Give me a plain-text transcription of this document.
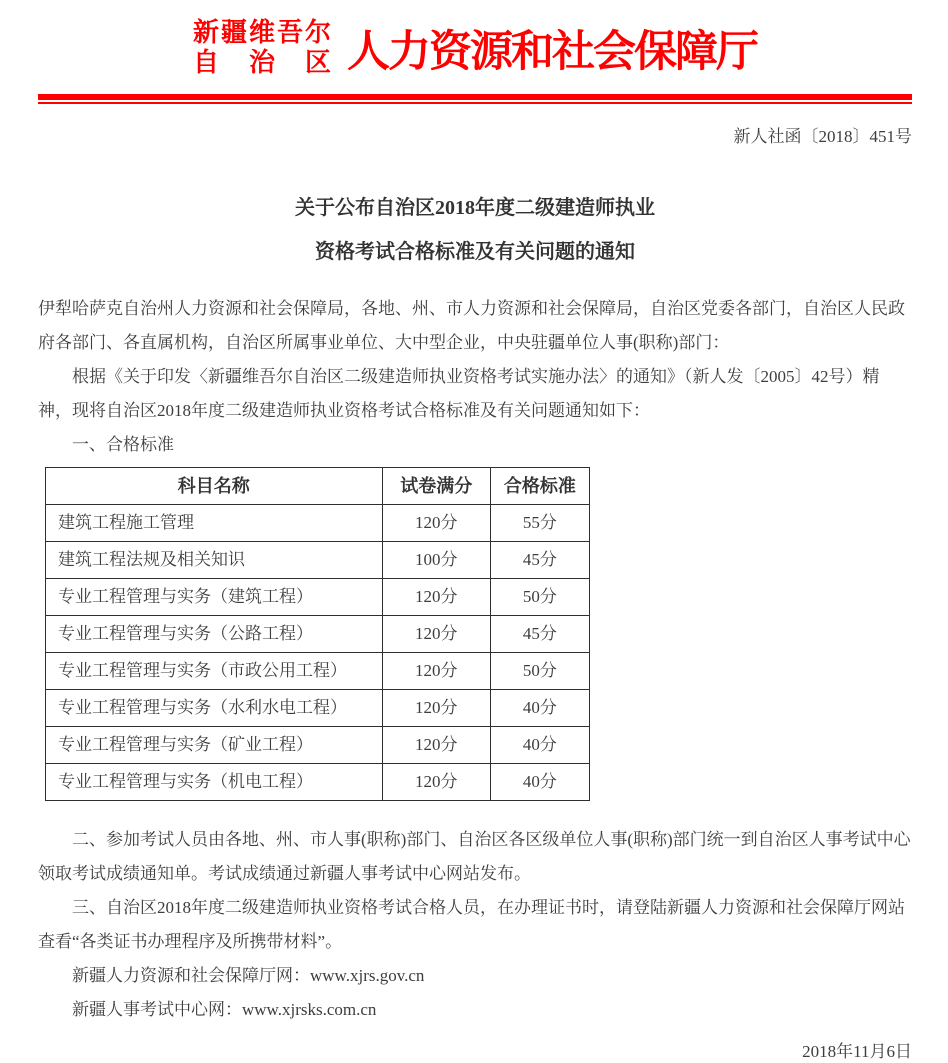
新疆维吾尔
自治区 人力资源和社会保障厅
新人社函〔2018〕451号
关于公布自治区2018年度二级建造师执业
资格考试合格标准及有关问题的通知

伊犁哈萨克自治州人力资源和社会保障局，各地、州、市人力资源和社会保障局，自治区党委各部门，自治区人民政府各部门、各直属机构，自治区所属事业单位、大中型企业，中央驻疆单位人事(职称)部门：

根据《关于印发〈新疆维吾尔自治区二级建造师执业资格考试实施办法〉的通知》（新人发〔2005〕42号）精神，现将自治区2018年度二级建造师执业资格考试合格标准及有关问题通知如下：

一、合格标准

科目名称	试卷满分	合格标准
建筑工程施工管理	120分	55分
建筑工程法规及相关知识	100分	45分
专业工程管理与实务（建筑工程）	120分	50分
专业工程管理与实务（公路工程）	120分	45分
专业工程管理与实务（市政公用工程）	120分	50分
专业工程管理与实务（水利水电工程）	120分	40分
专业工程管理与实务（矿业工程）	120分	40分
专业工程管理与实务（机电工程）	120分	40分

二、参加考试人员由各地、州、市人事(职称)部门、自治区各区级单位人事(职称)部门统一到自治区人事考试中心领取考试成绩通知单。考试成绩通过新疆人事考试中心网站发布。

三、自治区2018年度二级建造师执业资格考试合格人员，在办理证书时，请登陆新疆人力资源和社会保障厅网站查看“各类证书办理程序及所携带材料”。

新疆人力资源和社会保障厅网：www.xjrs.gov.cn

新疆人事考试中心网：www.xjrsks.com.cn

2018年11月6日
